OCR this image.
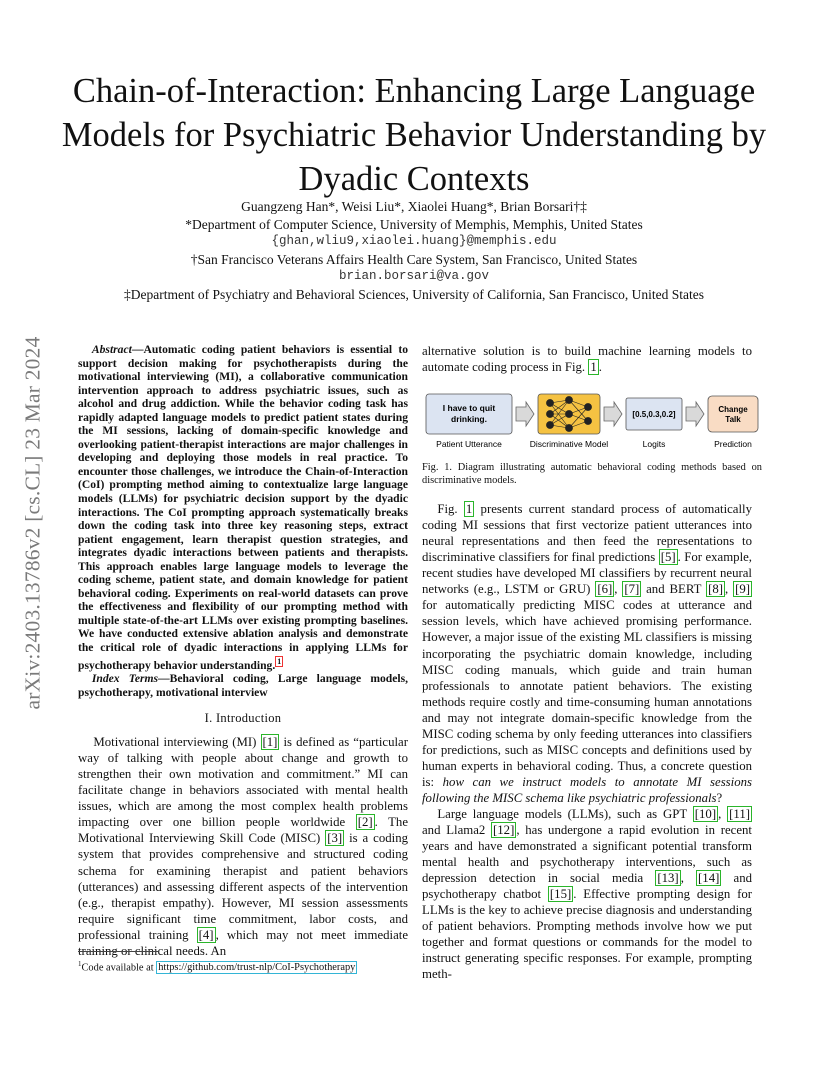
arXiv:2403.13786v2 [cs.CL] 23 Mar 2024
Chain-of-Interaction: Enhancing Large Language Models for Psychiatric Behavior Understanding by Dyadic Contexts
Guangzeng Han*, Weisi Liu*, Xiaolei Huang*, Brian Borsari†‡
*Department of Computer Science, University of Memphis, Memphis, United States
{ghan,wliu9,xiaolei.huang}@memphis.edu
†San Francisco Veterans Affairs Health Care System, San Francisco, United States
brian.borsari@va.gov
‡Department of Psychiatry and Behavioral Sciences, University of California, San Francisco, United States

Abstract—Automatic coding patient behaviors is essential to support decision making for psychotherapists during the motivational interviewing (MI), a collaborative communication intervention approach to address psychiatric issues, such as alcohol and drug addiction. While the behavior coding task has rapidly adapted language models to predict patient states during the MI sessions, lacking of domain-specific knowledge and overlooking patient-therapist interactions are major challenges in developing and deploying those models in real practice. To encounter those challenges, we introduce the Chain-of-Interaction (CoI) prompting method aiming to contextualize large language models (LLMs) for psychiatric decision support by the dyadic interactions. The CoI prompting approach systematically breaks down the coding task into three key reasoning steps, extract patient engagement, learn therapist question strategies, and integrates dyadic interactions between patients and therapists. This approach enables large language models to leverage the coding scheme, patient state, and domain knowledge for patient behavioral coding. Experiments on real-world datasets can prove the effectiveness and flexibility of our prompting method with multiple state-of-the-art LLMs over existing prompting baselines. We have conducted extensive ablation analysis and demonstrate the critical role of dyadic interactions in applying LLMs for psychotherapy behavior understanding. $^1$

Index Terms—Behavioral coding, Large language models, psychotherapy, motivational interview

I. Introduction

Motivational interviewing (MI) [1] is defined as “particular way of talking with people about change and growth to strengthen their own motivation and commitment.” MI can facilitate change in behaviors associated with mental health issues, which are among the most complex health problems impacting over one billion people worldwide [2] . The Motivational Interviewing Skill Code (MISC) [3] is a coding system that provides comprehensive and structured coding schema for examining therapist and patient behaviors (utterances) and assessing different aspects of the intervention (e.g., therapist empathy). However, MI session assessments require significant time commitment, labor costs, and professional training [4] , which may not meet immediate training or clinical needs. An

$^1$Code available at https://github.com/trust-nlp/CoI-Psychotherapy

alternative solution is to build machine learning models to automate coding process in Fig. 1 .

Fig. 1 presents current standard process of automatically coding MI sessions that first vectorize patient utterances into neural representations and then feed the representations to discriminative classifiers for final predictions [5] . For example, recent studies have developed MI classifiers by recurrent neural networks (e.g., LSTM or GRU) [6] , [7] and BERT [8] , [9] for automatically predicting MISC codes at utterance and session levels, which have achieved promising performance. However, a major issue of the existing ML classifiers is missing incorporating the psychiatric domain knowledge, including MISC coding manuals, which guide and train human professionals to annotate patient behaviors. The existing methods require costly and time-consuming human annotations and may not integrate domain-specific knowledge from the MISC coding schema by only feeding utterances into classifiers for predictions, such as MISC concepts and definitions used by human experts in behavioral coding. Thus, a concrete question is: how can we instruct models to annotate MI sessions following the MISC schema like psychiatric professionals?

Large language models (LLMs), such as GPT [10] , [11] and Llama2 [12] , has undergone a rapid evolution in recent years and have demonstrated a significant potential transform mental health and psychotherapy interventions, such as depression detection in social media [13] , [14] and psychotherapy chatbot [15] . Effective prompting design for LLMs is the key to achieve precise diagnosis and understanding of patient behaviors. Prompting methods involve how we put together and format questions or commands for the model to instruct generating specific responses. For example, prompting meth-

I have to quit
drinking.	[0.5,0.3,0.2]
Change
Talk
Patient Utterance	Discriminative Model	Logits	Prediction
Fig. 1. Diagram illustrating automatic behavioral coding methods based on discriminative models.
